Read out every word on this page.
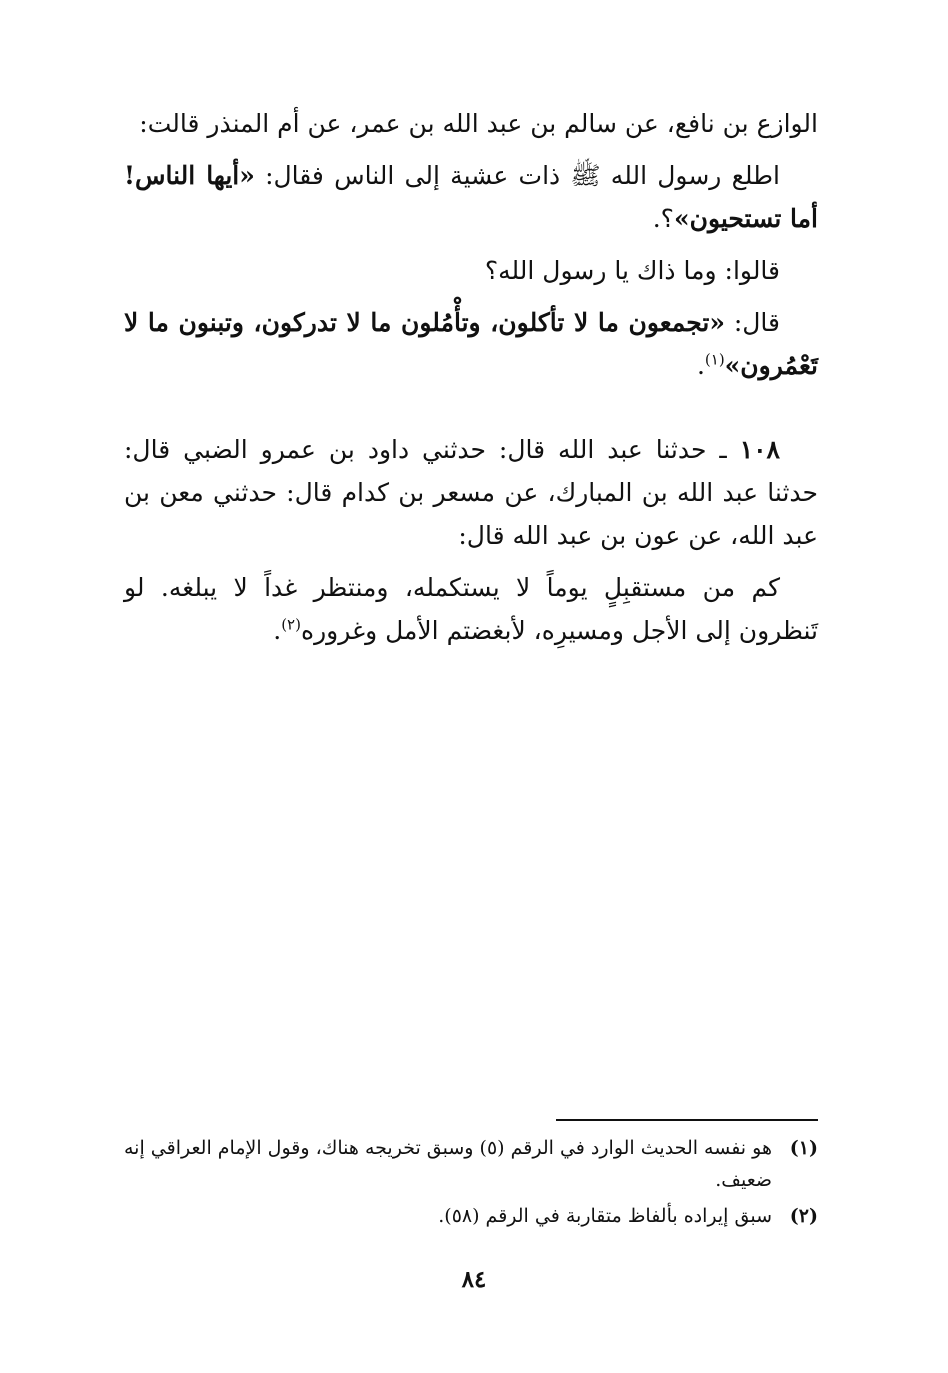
الوازع بن نافع، عن سالم بن عبد الله بن عمر، عن أم المنذر قالت:

اطلع رسول الله ﷺ ذات عشية إلى الناس فقال: «أيها الناس! أما تستحيون»؟.

قالوا: وما ذاك يا رسول الله؟

قال: «تجمعون ما لا تأكلون، وتأْمُلون ما لا تدركون، وتبنون ما لا تَعْمُرون»$^{(١)}$.

١٠٨ ـ حدثنا عبد الله قال: حدثني داود بن عمرو الضبي قال: حدثنا عبد الله بن المبارك، عن مسعر بن كدام قال: حدثني معن بن عبد الله، عن عون بن عبد الله قال:

كم من مستقبِلٍ يوماً لا يستكمله، ومنتظر غداً لا يبلغه. لو تَنظرون إلى الأجل ومسيرِه، لأبغضتم الأمل وغروره$^{(٢)}$.

(١)
هو نفسه الحديث الوارد في الرقم (٥) وسبق تخريجه هناك، وقول الإمام العراقي إنه ضعيف.
(٢)
سبق إيراده بألفاظ متقاربة في الرقم (٥٨).
٨٤
